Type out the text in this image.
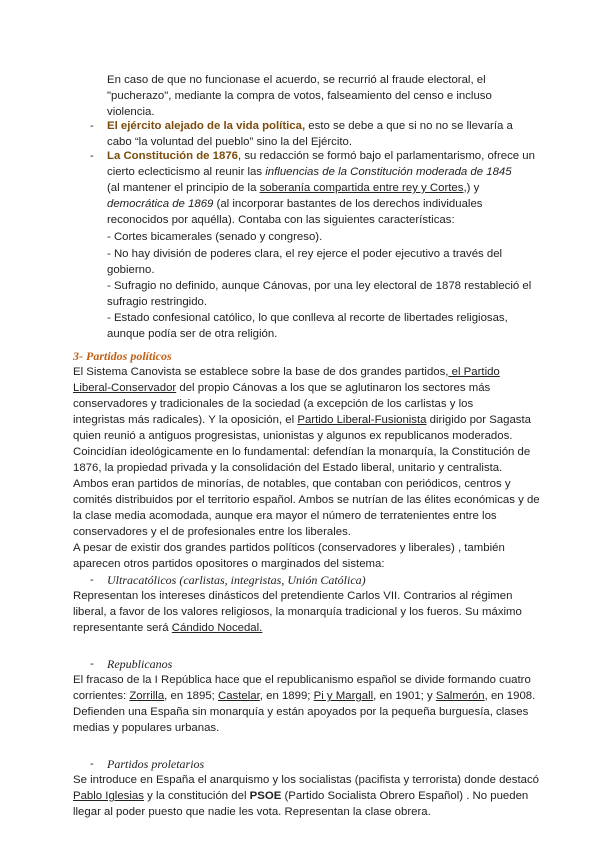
En caso de que no funcionase el acuerdo, se recurrió al fraude electoral, el
"pucherazo", mediante la compra de votos, falseamiento del censo e incluso
violencia.
- El ejército alejado de la vida política, esto se debe a que si no no se llevaría a
cabo “la voluntad del pueblo” sino la del Ejército.
- La Constitución de 1876, su redacción se formó bajo el parlamentarismo, ofrece un
cierto eclecticismo al reunir las influencias de la Constitución moderada de 1845
(al mantener el principio de la soberanía compartida entre rey y Cortes,) y
democrática de 1869 (al incorporar bastantes de los derechos individuales
reconocidos por aquélla). Contaba con las siguientes características:
- Cortes bicamerales (senado y congreso).
- No hay división de poderes clara, el rey ejerce el poder ejecutivo a través del
gobierno.
- Sufragio no definido, aunque Cánovas, por una ley electoral de 1878 restableció el
sufragio restringido.
- Estado confesional católico, lo que conlleva al recorte de libertades religiosas,
aunque podía ser de otra religión.
3- Partidos políticos
El Sistema Canovista se establece sobre la base de dos grandes partidos, el Partido
Liberal-Conservador del propio Cánovas a los que se aglutinaron los sectores más
conservadores y tradicionales de la sociedad (a excepción de los carlistas y los
integristas más radicales). Y la oposición, el Partido Liberal-Fusionista dirigido por Sagasta
quien reunió a antiguos progresistas, unionistas y algunos ex republicanos moderados.
Coincidían ideológicamente en lo fundamental: defendían la monarquía, la Constitución de
1876, la propiedad privada y la consolidación del Estado liberal, unitario y centralista.
Ambos eran partidos de minorías, de notables, que contaban con periódicos, centros y
comités distribuidos por el territorio español. Ambos se nutrían de las élites económicas y de
la clase media acomodada, aunque era mayor el número de terratenientes entre los
conservadores y el de profesionales entre los liberales.
A pesar de existir dos grandes partidos políticos (conservadores y liberales) , también
aparecen otros partidos opositores o marginados del sistema:
- Ultracatólicos (carlistas, integristas, Unión Católica)
Representan los intereses dinásticos del pretendiente Carlos VII. Contrarios al régimen
liberal, a favor de los valores religiosos, la monarquía tradicional y los fueros. Su máximo
representante será Cándido Nocedal.
- Republicanos
El fracaso de la I República hace que el republicanismo español se divide formando cuatro
corrientes: Zorrilla, en 1895; Castelar, en 1899; Pi y Margall, en 1901; y Salmerón, en 1908.
Defienden una España sin monarquía y están apoyados por la pequeña burguesía, clases
medias y populares urbanas.
- Partidos proletarios
Se introduce en España el anarquismo y los socialistas (pacifista y terrorista) donde destacó
Pablo Iglesias y la constitución del PSOE (Partido Socialista Obrero Español) . No pueden
llegar al poder puesto que nadie les vota. Representan la clase obrera.
